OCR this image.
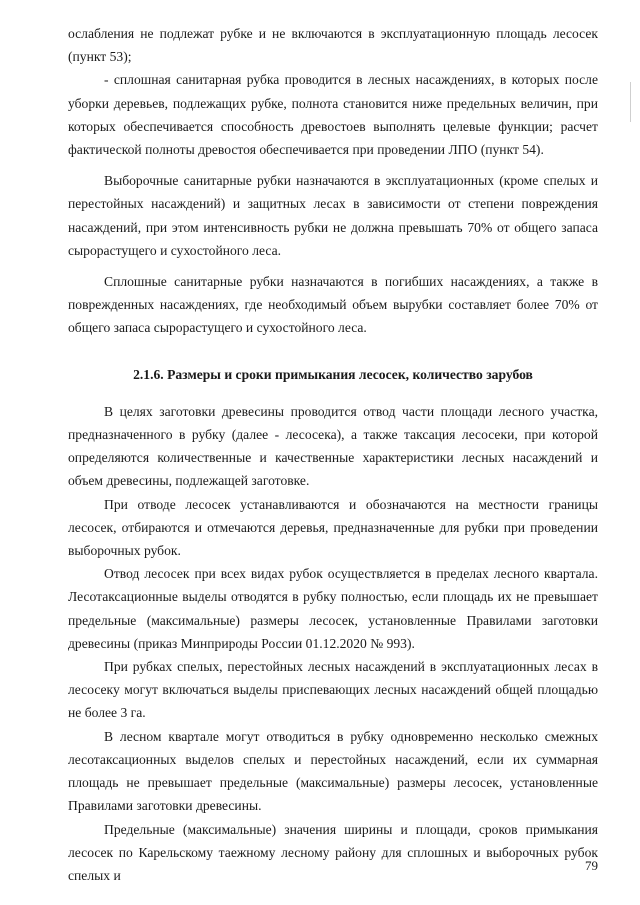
ослабления не подлежат рубке и не включаются в эксплуатационную площадь лесосек (пункт 53);

- сплошная санитарная рубка проводится в лесных насаждениях, в которых после уборки деревьев, подлежащих рубке, полнота становится ниже предельных величин, при которых обеспечивается способность древостоев выполнять целевые функции; расчет фактической полноты древостоя обеспечивается при проведении ЛПО (пункт 54).

Выборочные санитарные рубки назначаются в эксплуатационных (кроме спелых и перестойных насаждений) и защитных лесах в зависимости от степени повреждения насаждений, при этом интенсивность рубки не должна превышать 70% от общего запаса сырорастущего и сухостойного леса.

Сплошные санитарные рубки назначаются в погибших насаждениях, а также в поврежденных насаждениях, где необходимый объем вырубки составляет более 70% от общего запаса сырорастущего и сухостойного леса.

2.1.6. Размеры и сроки примыкания лесосек, количество зарубов

В целях заготовки древесины проводится отвод части площади лесного участка, предназначенного в рубку (далее - лесосека), а также таксация лесосеки, при которой определяются количественные и качественные характеристики лесных насаждений и объем древесины, подлежащей заготовке.

При отводе лесосек устанавливаются и обозначаются на местности границы лесосек, отбираются и отмечаются деревья, предназначенные для рубки при проведении выборочных рубок.

Отвод лесосек при всех видах рубок осуществляется в пределах лесного квартала. Лесотаксационные выделы отводятся в рубку полностью, если площадь их не превышает предельные (максимальные) размеры лесосек, установленные Правилами заготовки древесины (приказ Минприроды России 01.12.2020 № 993).

При рубках спелых, перестойных лесных насаждений в эксплуатационных лесах в лесосеку могут включаться выделы приспевающих лесных насаждений общей площадью не более 3 га.

В лесном квартале могут отводиться в рубку одновременно несколько смежных лесотаксационных выделов спелых и перестойных насаждений, если их суммарная площадь не превышает предельные (максимальные) размеры лесосек, установленные Правилами заготовки древесины.

Предельные (максимальные) значения ширины и площади, сроков примыкания лесосек по Карельскому таежному лесному району для сплошных и выборочных рубок спелых и

79
